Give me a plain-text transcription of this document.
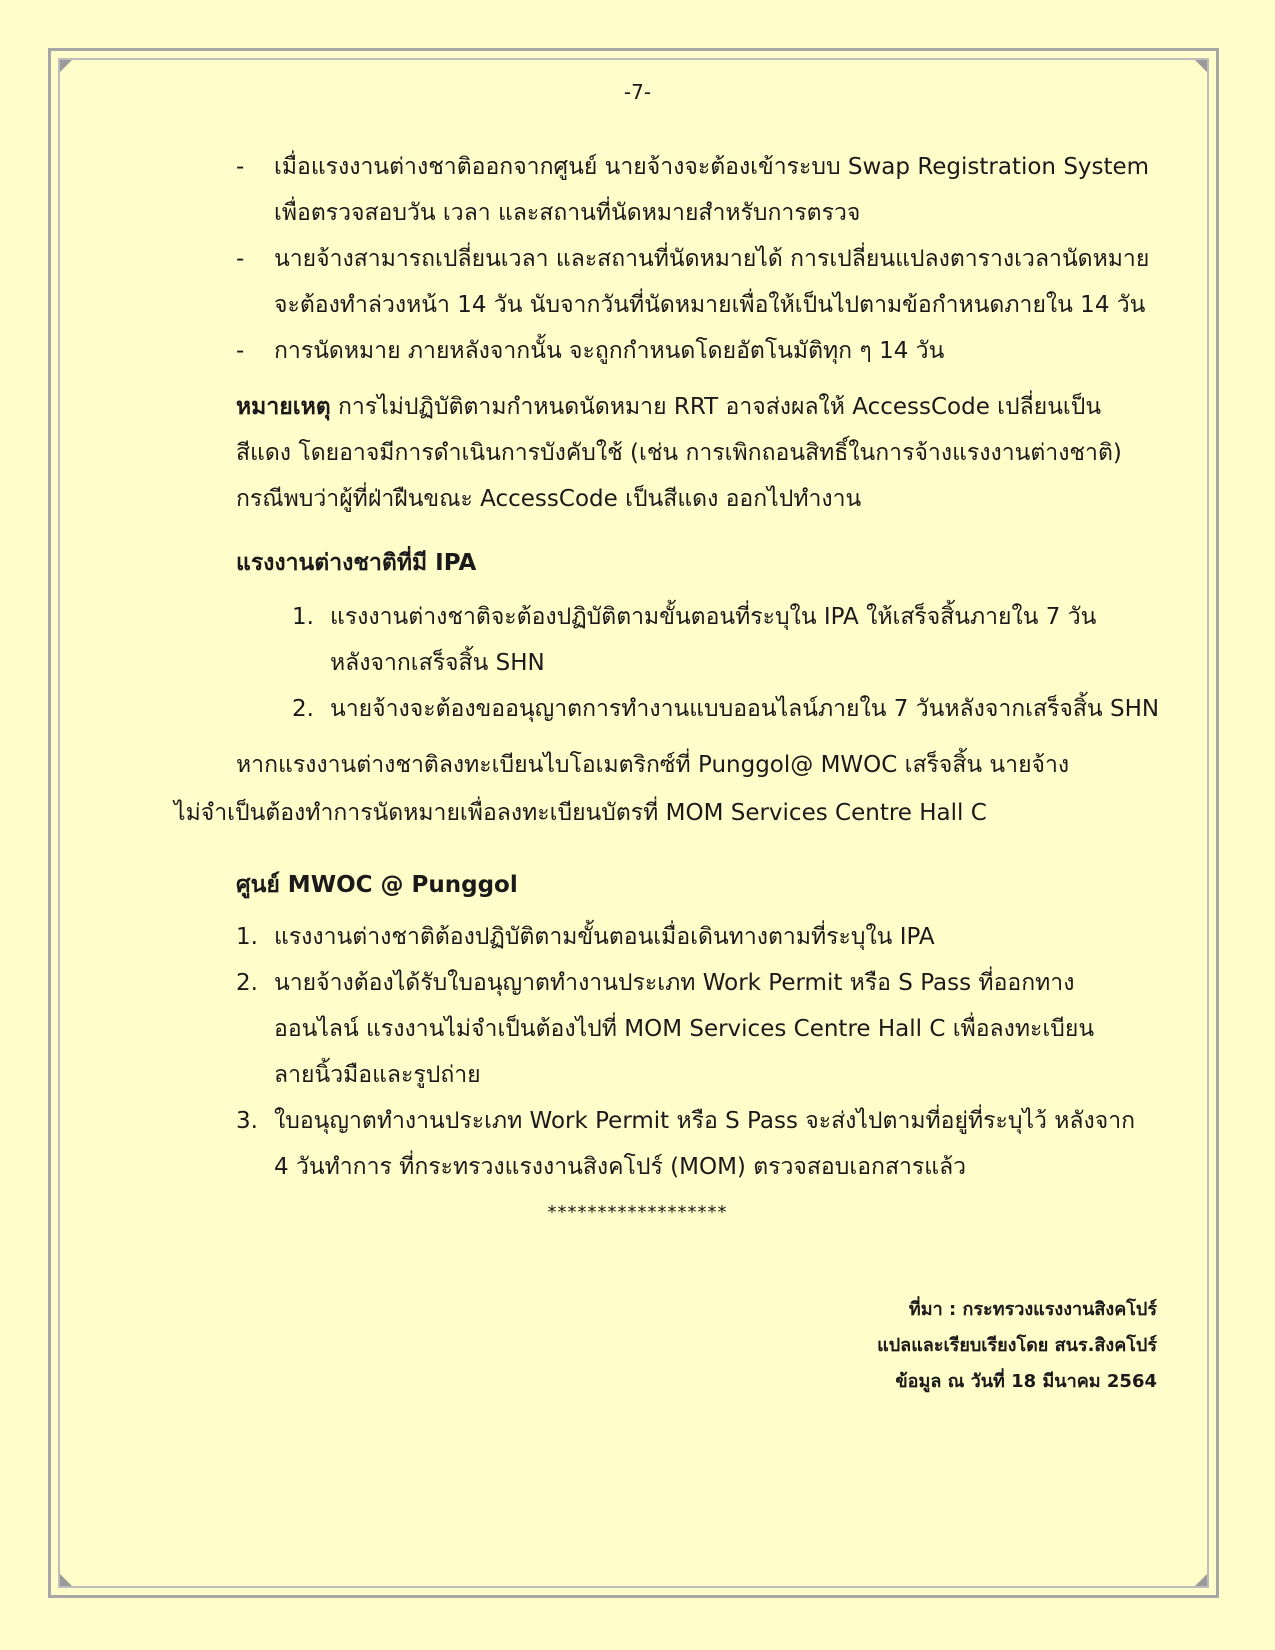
-7-
- เมื่อแรงงานต่างชาติออกจากศูนย์ นายจ้างจะต้องเข้าระบบ Swap Registration System
เพื่อตรวจสอบวัน เวลา และสถานที่นัดหมายสำหรับการตรวจ
- นายจ้างสามารถเปลี่ยนเวลา และสถานที่นัดหมายได้ การเปลี่ยนแปลงตารางเวลานัดหมาย
จะต้องทำล่วงหน้า 14 วัน นับจากวันที่นัดหมายเพื่อให้เป็นไปตามข้อกำหนดภายใน 14 วัน
- การนัดหมาย ภายหลังจากนั้น จะถูกกำหนดโดยอัตโนมัติทุก ๆ 14 วัน
หมายเหตุ การไม่ปฏิบัติตามกำหนดนัดหมาย RRT อาจส่งผลให้ AccessCode เปลี่ยนเป็น
สีแดง โดยอาจมีการดำเนินการบังคับใช้ (เช่น การเพิกถอนสิทธิ์ในการจ้างแรงงานต่างชาติ)
กรณีพบว่าผู้ที่ฝ่าฝืนขณะ AccessCode เป็นสีแดง ออกไปทำงาน
แรงงานต่างชาติที่มี IPA
1. แรงงานต่างชาติจะต้องปฏิบัติตามขั้นตอนที่ระบุใน IPA ให้เสร็จสิ้นภายใน 7 วัน
หลังจากเสร็จสิ้น SHN
2. นายจ้างจะต้องขออนุญาตการทำงานแบบออนไลน์ภายใน 7 วันหลังจากเสร็จสิ้น SHN
หากแรงงานต่างชาติลงทะเบียนไบโอเมตริกซ์ที่ Punggol@ MWOC เสร็จสิ้น นายจ้าง
ไม่จำเป็นต้องทำการนัดหมายเพื่อลงทะเบียนบัตรที่ MOM Services Centre Hall C
ศูนย์ MWOC @ Punggol
1. แรงงานต่างชาติต้องปฏิบัติตามขั้นตอนเมื่อเดินทางตามที่ระบุใน IPA
2. นายจ้างต้องได้รับใบอนุญาตทำงานประเภท Work Permit หรือ S Pass ที่ออกทาง
ออนไลน์ แรงงานไม่จำเป็นต้องไปที่ MOM Services Centre Hall C เพื่อลงทะเบียน
ลายนิ้วมือและรูปถ่าย
3. ใบอนุญาตทำงานประเภท Work Permit หรือ S Pass จะส่งไปตามที่อยู่ที่ระบุไว้ หลังจาก
4 วันทำการ ที่กระทรวงแรงงานสิงคโปร์ (MOM) ตรวจสอบเอกสารแล้ว
******************
ที่มา : กระทรวงแรงงานสิงคโปร์
แปลและเรียบเรียงโดย สนร.สิงคโปร์
ข้อมูล ณ วันที่ 18 มีนาคม 2564
